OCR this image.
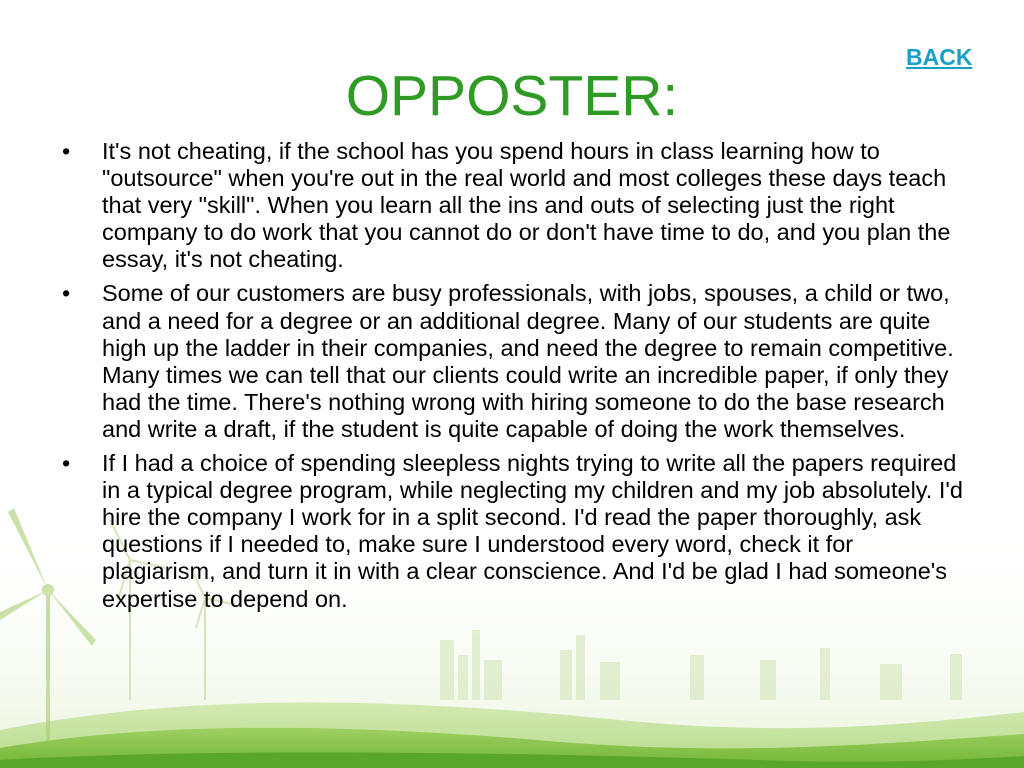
BACK
OPPOSTER:
• It's not cheating, if the school has you spend hours in class learning how to "outsource" when you're out in the real world and most colleges these days teach that very "skill". When you learn all the ins and outs of selecting just the right company to do work that you cannot do or don't have time to do, and you plan the essay, it's not cheating.
• Some of our customers are busy professionals, with jobs, spouses, a child or two, and a need for a degree or an additional degree. Many of our students are quite high up the ladder in their companies, and need the degree to remain competitive. Many times we can tell that our clients could write an incredible paper, if only they had the time. There's nothing wrong with hiring someone to do the base research and write a draft, if the student is quite capable of doing the work themselves.
• If I had a choice of spending sleepless nights trying to write all the papers required in a typical degree program, while neglecting my children and my job absolutely. I'd hire the company I work for in a split second. I'd read the paper thoroughly, ask questions if I needed to, make sure I understood every word, check it for plagiarism, and turn it in with a clear conscience. And I'd be glad I had someone's expertise to depend on.
